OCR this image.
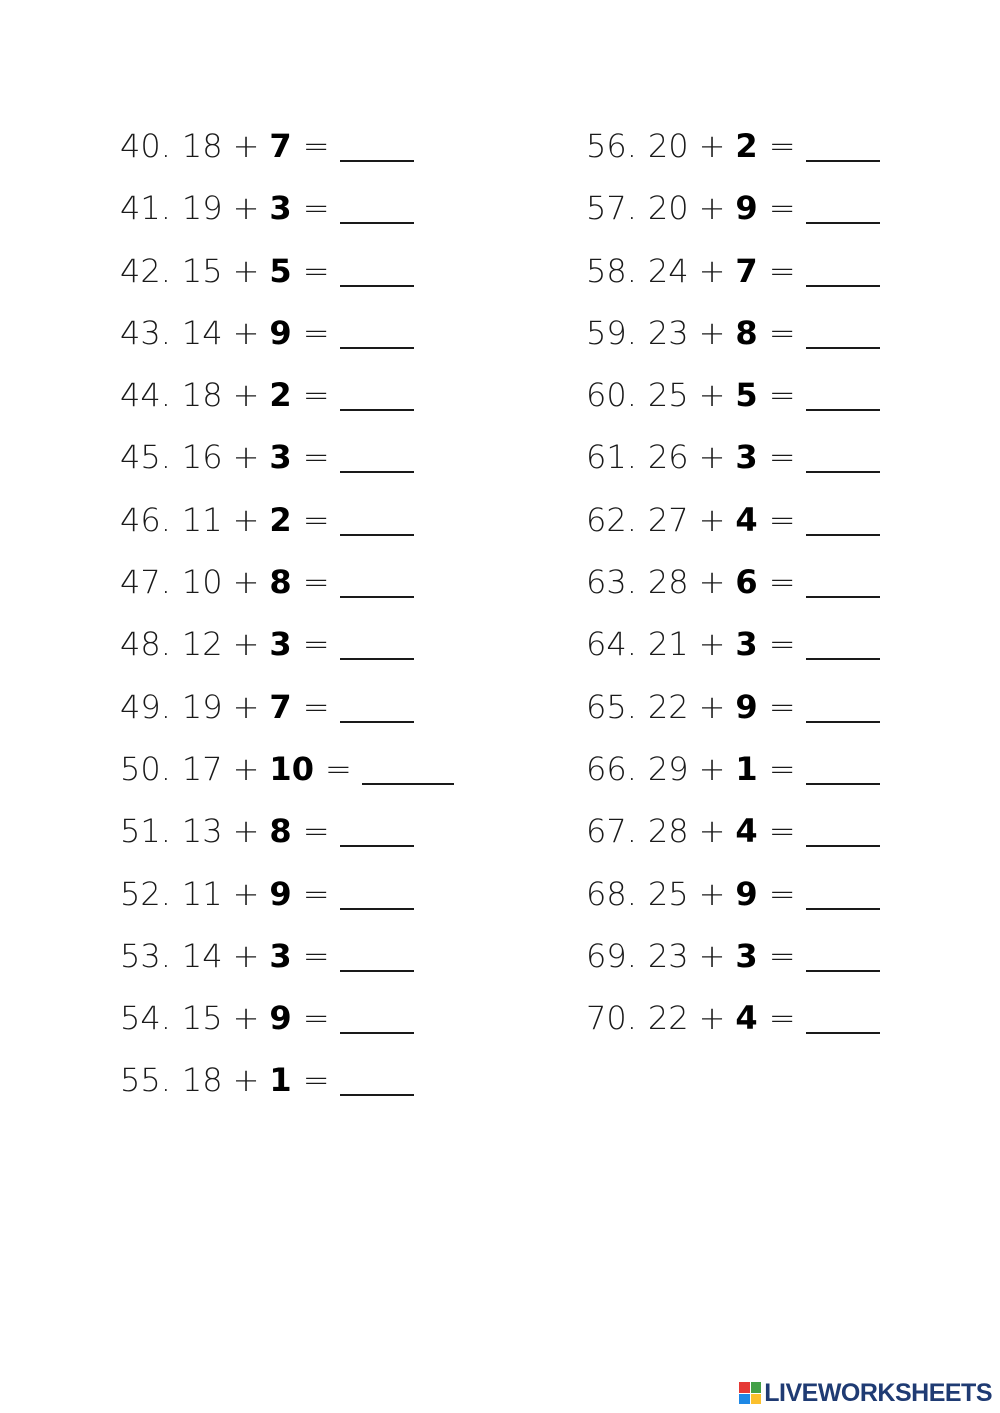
40. 18 + 7 =
41. 19 + 3 =
42. 15 + 5 =
43. 14 + 9 =
44. 18 + 2 =
45. 16 + 3 =
46. 11 + 2 =
47. 10 + 8 =
48. 12 + 3 =
49. 19 + 7 =
50. 17 + 10 =
51. 13 + 8 =
52. 11 + 9 =
53. 14 + 3 =
54. 15 + 9 =
55. 18 + 1 =
56. 20 + 2 =
57. 20 + 9 =
58. 24 + 7 =
59. 23 + 8 =
60. 25 + 5 =
61. 26 + 3 =
62. 27 + 4 =
63. 28 + 6 =
64. 21 + 3 =
65. 22 + 9 =
66. 29 + 1 =
67. 28 + 4 =
68. 25 + 9 =
69. 23 + 3 =
70. 22 + 4 =
LIVEWORKSHEETS
